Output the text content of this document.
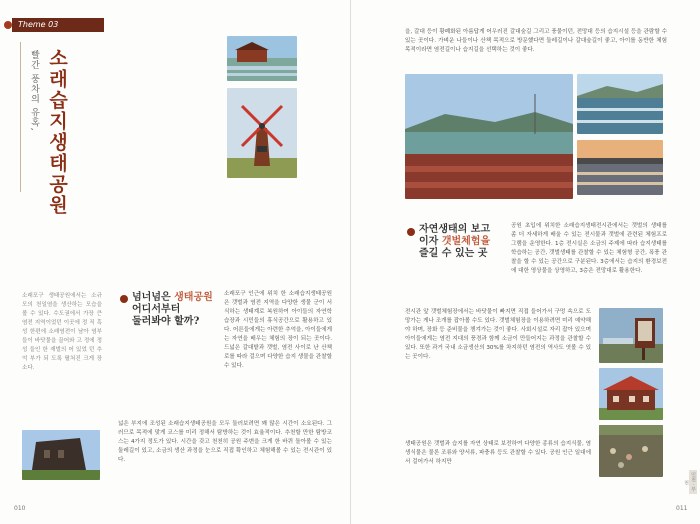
Theme 03
빨간 풍차의 유혹, 소래습지생태공원
소래포구 생태공원에서는 소규 모의 천일염을 생산하는 모습을 볼 수 있다. 수도권에서 가장 큰 염전 지역이었던 이곳에 정 직 흑성 한편에 소래염전이 남아 염부들이 바닷물을 끌어와 고 정에 정성 들인 한 재벌의 어 있었 던 추억 부가 되 도록 펼쳐진 크게 장소다.
넘너넘은 생태공원
어디서부터
둘러봐야 할까?
소래포구 인근에 위치 한 소래습지생태공원은 갯벌과 염전 지역을 다양한 생물 군이 서식하는 생태계로 복원하여 아이들의 자연학습장과 시민들의 휴식공간으로 활용하고 있다. 어른들에게는 아련한 추억을, 아이들에게는 자연을 배우는 체험의 장이 되는 곳이다. 드넓은 갈대밭과 갯벌, 염전 사이로 난 산책로를 따라 걸으며 다양한 습지 생물을 관찰할 수 있다.
넓은 부지에 조성된 소래습지생태공원을 모두 둘러보려면 꽤 많은 시간이 소요된다. 그러므로 목적에 맞게 코스를 미리 정해서 탐방하는 것이 효율적이다. 추천할 만한 탐방코스는 4가지 정도가 있다. 시간을 갖고 천천히 공원 주변을 크게 한 바퀴 돌아볼 수 있는 둘레길이 있고, 소금의 생산 과정을 눈으로 직접 확인하고 체험해볼 수 있는 전시관이 있다.
010
을, 갈대 등이 황폐화된 아름답게 어우러진 갈대숲길 그리고 풍물이던, 전망대 등의 습지시설 등을 관람할 수 있는 곳이다. 가벼운 나들이나 산책 목적으로 방문했다면 둘레길이나 갈대숲길이 좋고, 아이를 동반한 체험 목적이라면 염전길이나 습지길을 선택하는 것이 좋다.
자연생태의 보고
이자 갯벌체험을
즐길 수 있는 곳
공원 초입에 위치한 소래습지생태전시관에서는 갯벌의 생태를 좀 더 자세하게 배울 수 있는 전시물과 갯벌에 관련된 체험프로그램을 운영한다. 1층 전시실은 소금의 주제에 따라 습지생태를 학습하는 공간, 갯벌생태를 관찰할 수 있는 체험형 공간, 폭풍 관찰을 할 수 있는 공간으로 구분된다. 3층에서는 습지의 환경보전에 대한 영상물을 상영하고, 3층은 전망대로 활용한다.
전시관 앞 갯벌체험장에서는 바닷물이 빠지면 직접 들어가서 구멍 속으로 도망가는 게나 조개를 잡아볼 수도 있다. 갯벌체험장을 이용하려면 미리 예약해야 하며, 장화 등 준비물을 챙겨가는 것이 좋다. 사회시설로 자리 잡아 있으며 아이들에게는 염전 지대의 풍경과 함께 소금이 만들어지는 과정을 관찰할 수 있다. 또한 과거 국내 소금생산의 30%를 차지하던 염전의 역사도 엿볼 수 있는 곳이다.
생태공원은 갯벌과 습지를 자연 상태로 보전하여 다양한 종류의 습지식물, 염생식물은 물론 조류와 양서류, 파충류 등도 관찰할 수 있다. 공원 인근 일대에서 걸어가서 하지만
인천 · 부천
011
